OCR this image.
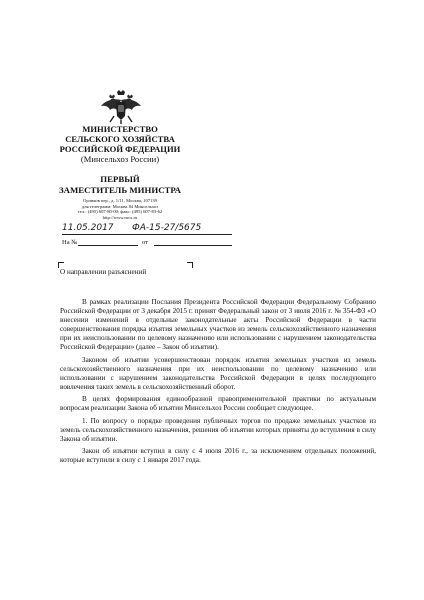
МИНИСТЕРСТВО
СЕЛЬСКОГО ХОЗЯЙСТВА
РОССИЙСКОЙ ФЕДЕРАЦИИ
(Минсельхоз России)
ПЕРВЫЙ
ЗАМЕСТИТЕЛЬ МИНИСТРА
Орликов пер., д. 1/11, Москва, 107139
для телеграмм: Москва 84 Минсельхоз
тел.: (495) 607-80-00; факс: (495) 607-83-62
http://www.mcx.ru
11.05.2017 ФА-15-27/5675
На №	от
О направлении разъяснений

В рамках реализации Послания Президента Российской Федерации Федеральному Собранию Российской Федерации от 3 декабря 2015 г. принят Федеральный закон от 3 июля 2016 г. № 354-ФЗ «О внесении изменений в отдельные законодательные акты Российской Федерации в части совершенствования порядка изъятия земельных участков из земель сельскохозяйственного назначения при их неиспользовании по целевому назначению или использовании с нарушением законодательства Российской Федерации» (далее – Закон об изъятии).

Законом об изъятии усовершенствован порядок изъятия земельных участков из земель сельскохозяйственного назначения при их неиспользовании по целевому назначению или использовании с нарушением законодательства Российской Федерации в целях последующего вовлечения таких земель в сельскохозяйственный оборот.

В целях формирования единообразной правоприменительной практики по актуальным вопросам реализации Закона об изъятии Минсельхоз России сообщает следующее.

1. По вопросу о порядке проведения публичных торгов по продаже земельных участков из земель сельскохозяйственного назначения, решения об изъятии которых приняты до вступления в силу Закона об изъятии.

Закон об изъятии вступил в силу с 4 июля 2016 г., за исключением отдельных положений, которые вступили в силу с 1 января 2017 года.
